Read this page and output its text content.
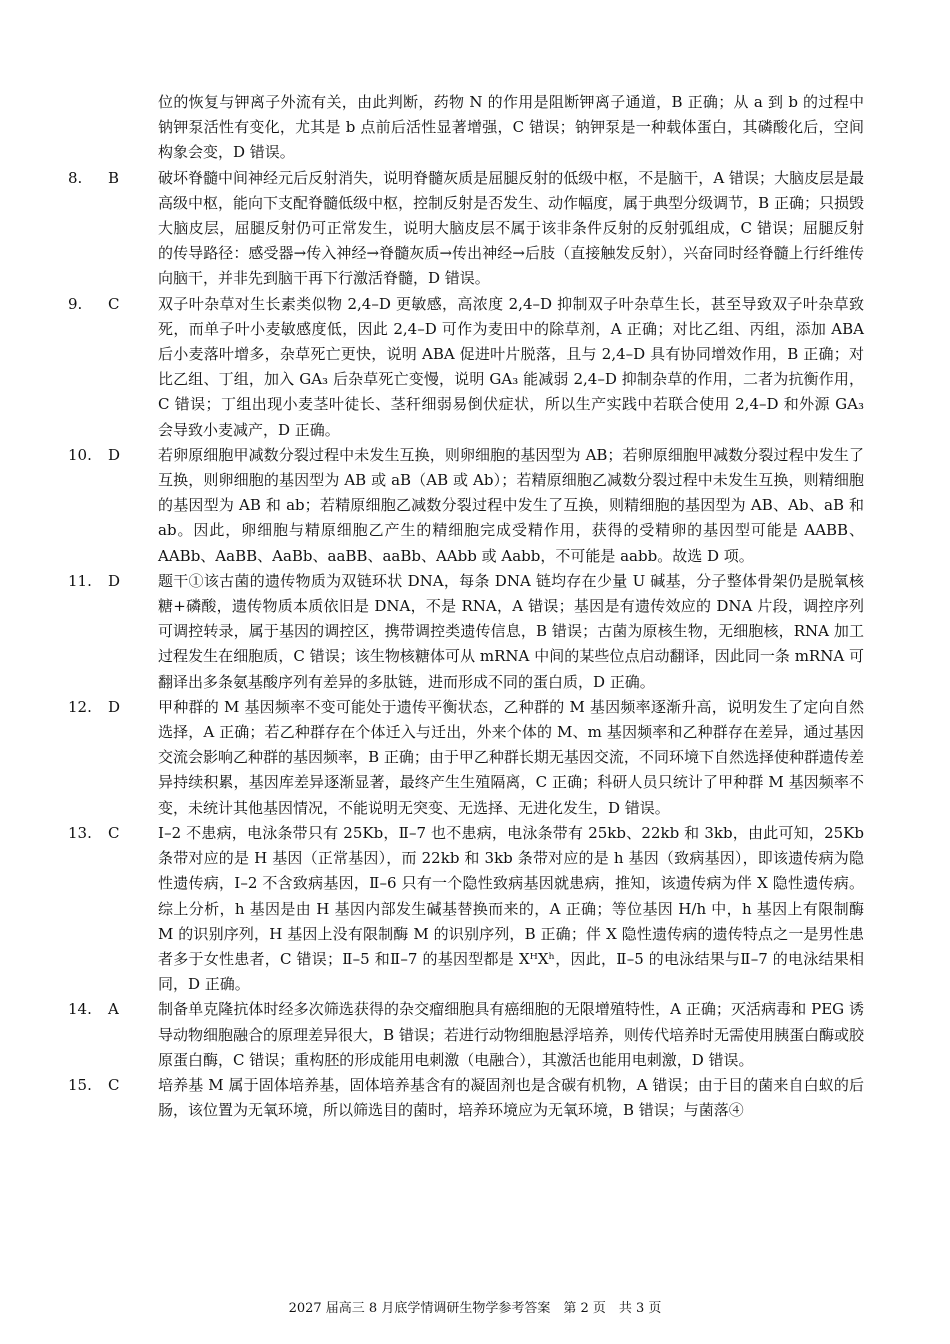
位的恢复与钾离子外流有关，由此判断，药物 N 的作用是阻断钾离子通道，B 正确；从 a 到 b 的过程中钠钾泵活性有变化，尤其是 b 点前后活性显著增强，C 错误；钠钾泵是一种载体蛋白，其磷酸化后，空间构象会变，D 错误。

8. B	破坏脊髓中间神经元后反射消失，说明脊髓灰质是屈腿反射的低级中枢，不是脑干，A 错误；大脑皮层是最高级中枢，能向下支配脊髓低级中枢，控制反射是否发生、动作幅度，属于典型分级调节，B 正确；只损毁大脑皮层，屈腿反射仍可正常发生，说明大脑皮层不属于该非条件反射的反射弧组成，C 错误；屈腿反射的传导路径：感受器→传入神经→脊髓灰质→传出神经→后肢（直接触发反射），兴奋同时经脊髓上行纤维传向脑干，并非先到脑干再下行激活脊髓，D 错误。
9. C	双子叶杂草对生长素类似物 2,4–D 更敏感，高浓度 2,4–D 抑制双子叶杂草生长，甚至导致双子叶杂草致死，而单子叶小麦敏感度低，因此 2,4–D 可作为麦田中的除草剂，A 正确；对比乙组、丙组，添加 ABA 后小麦落叶增多，杂草死亡更快，说明 ABA 促进叶片脱落，且与 2,4–D 具有协同增效作用，B 正确；对比乙组、丁组，加入 GA₃ 后杂草死亡变慢，说明 GA₃ 能减弱 2,4–D 抑制杂草的作用，二者为抗衡作用，C 错误；丁组出现小麦茎叶徒长、茎秆细弱易倒伏症状，所以生产实践中若联合使用 2,4–D 和外源 GA₃ 会导致小麦减产，D 正确。
10. D	若卵原细胞甲减数分裂过程中未发生互换，则卵细胞的基因型为 AB；若卵原细胞甲减数分裂过程中发生了互换，则卵细胞的基因型为 AB 或 aB（AB 或 Ab）；若精原细胞乙减数分裂过程中未发生互换，则精细胞的基因型为 AB 和 ab；若精原细胞乙减数分裂过程中发生了互换，则精细胞的基因型为 AB、Ab、aB 和 ab。因此，卵细胞与精原细胞乙产生的精细胞完成受精作用，获得的受精卵的基因型可能是 AABB、AABb、AaBB、AaBb、aaBB、aaBb、AAbb 或 Aabb，不可能是 aabb。故选 D 项。
11. D	题干①该古菌的遗传物质为双链环状 DNA，每条 DNA 链均存在少量 U 碱基，分子整体骨架仍是脱氧核糖+磷酸，遗传物质本质依旧是 DNA，不是 RNA，A 错误；基因是有遗传效应的 DNA 片段，调控序列可调控转录，属于基因的调控区，携带调控类遗传信息，B 错误；古菌为原核生物，无细胞核，RNA 加工过程发生在细胞质，C 错误；该生物核糖体可从 mRNA 中间的某些位点启动翻译，因此同一条 mRNA 可翻译出多条氨基酸序列有差异的多肽链，进而形成不同的蛋白质，D 正确。
12. D	甲种群的 M 基因频率不变可能处于遗传平衡状态，乙种群的 M 基因频率逐渐升高，说明发生了定向自然选择，A 正确；若乙种群存在个体迁入与迁出，外来个体的 M、m 基因频率和乙种群存在差异，通过基因交流会影响乙种群的基因频率，B 正确；由于甲乙种群长期无基因交流，不同环境下自然选择使种群遗传差异持续积累，基因库差异逐渐显著，最终产生生殖隔离，C 正确；科研人员只统计了甲种群 M 基因频率不变，未统计其他基因情况，不能说明无突变、无选择、无进化发生，D 错误。
13. C	Ⅰ–2 不患病，电泳条带只有 25Kb，Ⅱ–7 也不患病，电泳条带有 25kb、22kb 和 3kb，由此可知，25Kb 条带对应的是 H 基因（正常基因），而 22kb 和 3kb 条带对应的是 h 基因（致病基因），即该遗传病为隐性遗传病，Ⅰ–2 不含致病基因，Ⅱ–6 只有一个隐性致病基因就患病，推知，该遗传病为伴 X 隐性遗传病。综上分析，h 基因是由 H 基因内部发生碱基替换而来的，A 正确；等位基因 H/h 中，h 基因上有限制酶 M 的识别序列，H 基因上没有限制酶 M 的识别序列，B 正确；伴 X 隐性遗传病的遗传特点之一是男性患者多于女性患者，C 错误；Ⅱ–5 和Ⅱ–7 的基因型都是 XᴴXʰ，因此，Ⅱ–5 的电泳结果与Ⅱ–7 的电泳结果相同，D 正确。
14. A	制备单克隆抗体时经多次筛选获得的杂交瘤细胞具有癌细胞的无限增殖特性，A 正确；灭活病毒和 PEG 诱导动物细胞融合的原理差异很大，B 错误；若进行动物细胞悬浮培养，则传代培养时无需使用胰蛋白酶或胶原蛋白酶，C 错误；重构胚的形成能用电刺激（电融合），其激活也能用电刺激，D 错误。
15. C	培养基 M 属于固体培养基，固体培养基含有的凝固剂也是含碳有机物，A 错误；由于目的菌来自白蚁的后肠，该位置为无氧环境，所以筛选目的菌时，培养环境应为无氧环境，B 错误；与菌落④
2027 届高三 8 月底学情调研生物学参考答案　第 2 页　共 3 页
